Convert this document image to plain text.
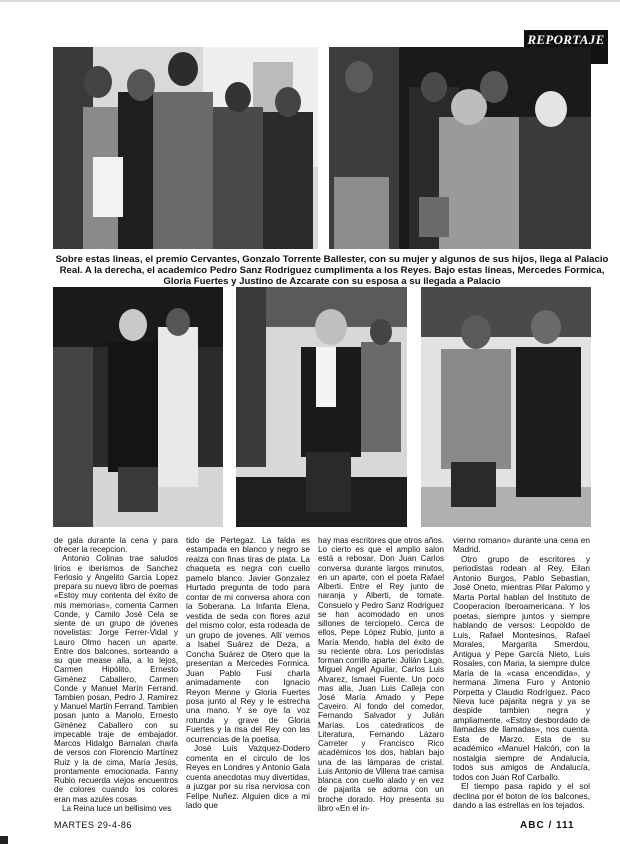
REPORTAJE
Sobre estas lineas, el premio Cervantes, Gonzalo Torrente Ballester, con su mujer y algunos de sus hijos, llega al Palacio Real. A la derecha, el academico Pedro Sanz Rodriguez cumplimenta a los Reyes. Bajo estas lineas, Mercedes Formica, Gloria Fuertes y Justino de Azcarate con su esposa a su llegada a Palacio

de gala durante la cena y para ofrecer la recepcion.

Antonio Colinas trae saludos lirios e iberismos de Sanchez Ferlosio y Angelito Garcia Lopez prepara su nuevo libro de poemas «Estoy muy contenta del éxito de mis memorias», comenta Carmen Conde, y Camilo José Cela se siente de un grupo de jóvenes novelistas: Jorge Ferrer-Vidal y Lauro Olmo hacen un aparte. Entre dos balcones, sorteando a su que mease alla, a lo lejos, Carmen Hipólito, Ernesto Giménez Caballero, Carmen Conde y Manuel Marín Ferrand. Tambien posan, Pedro J. Ramírez y Manuel Martín Ferrand. Tambien posan junto a Manolo, Ernesto Giménez Caballero con su impecable traje de embajador. Marcos Hidalgo Barnalan charla de versos con Florencio Martínez Ruiz y la de cima, María Jesús, prontamente emocionada. Fanny Rubio recuerda viejos encuentros de colores cuando los colores eran mas azules cosas

La Reina luce un bellisimo ves

tido de Pertegaz. La falda es estampada en blanco y negro se realza con finas tiras de plata. La chaqueta es negra con cuello pamelo blanco. Javier Gonzalez Hurtado pregunta de todo para contar de mi conversa ahora con la Soberana. La Infanta Elena, vestida de seda con flores azul del mismo color, esta rodeada de un grupo de jovenes. Allí vemos a Isabel Suárez de Deza, a Concha Suárez de Otero que la presentan a Mercedes Formica. Juan Pablo Fusi charla animadamente con Ignacio Reyon Menne y Gloria Fuertes posa junto al Rey y le estrecha una mano. Y se oye la voz rotunda y grave de Gloria Fuertes y la risa del Rey con las ocurrencias de la poetisa.

José Luis Vazquez-Dodero comenta en el circulo de los Reyes en Londres y Antonio Gala cuenta anecdotas muy divertidas, a juzgar por su risa nerviosa con Felipe Nuñez. Alguien dice a mi lado que

hay mas escritores que otros años. Lo cierto es que el amplio salon está a rebosar. Don Juan Carlos conversa durante largos minutos, en un aparte, con el poeta Rafael Alberti. Entre el Rey junto de naranja y Alberti, de tomate. Consuelo y Pedro Sanz Rodriguez se han acomodado en unos sillones de terciopelo. Cerca de ellos, Pepe López Rubio, junto a María Mendo, habla del éxito de su reciente obra. Los periodistas forman corrillo aparte: Julián Lago, Miguel Angel Aguilar, Carlos Luis Alvarez, Ismael Fuente. Un poco mas alla, Juan Luis Calleja con José María Amado y Pepe Caveiro. Al fondo del comedor, Fernando Salvador y Julián Marías. Los catedraticos de Literatura, Fernando Lázaro Carreter y Francisco Rico académicos los dos, hablan bajo una de las lámparas de cristal. Luis Antonio de Villena trae camisa blanca con cuello alado y en vez de pajarita se adorna con un broche dorado. Hoy presenta su libro «En el in-

vierno romano» durante una cena en Madrid.

Otro grupo de escritores y periodistas rodean al Rey. Eilan Antonio Burgos, Pablo Sebastian, José Oneto, mientras Pilar Palomo y Marta Portal hablan del Instituto de Cooperacion Iberoamericana. Y los poetas, siempre juntos y siempre hablando de versos: Leopoldo de Luis, Rafael Montesinos, Rafael Morales, Margarita Smerdou, Antigua y Pepe García Nieto, Luis Rosales, con Maria, la siempre dulce Maria de la «casa encendida», y hermana Jimena Furo y Antonio Porpetta y Claudio Rodríguez. Paco Nieva luce pajarita negra y ya se despide tambien negra y ampliamente. «Estoy desbordado de llamadas de llamadas», nos cuenta. Esta de Marzo. Esta de su académico «Manuel Halcón, con la nostalgia siempre de Andalucía, todos sus amigos de Andalucía, todos con Juan Rof Carballo.

El tiempo pasa rapido y el sol declina por el boton de los balcones, dando a las estrellas en los tejados.

MARTES 29-4-86	ABC / 111
